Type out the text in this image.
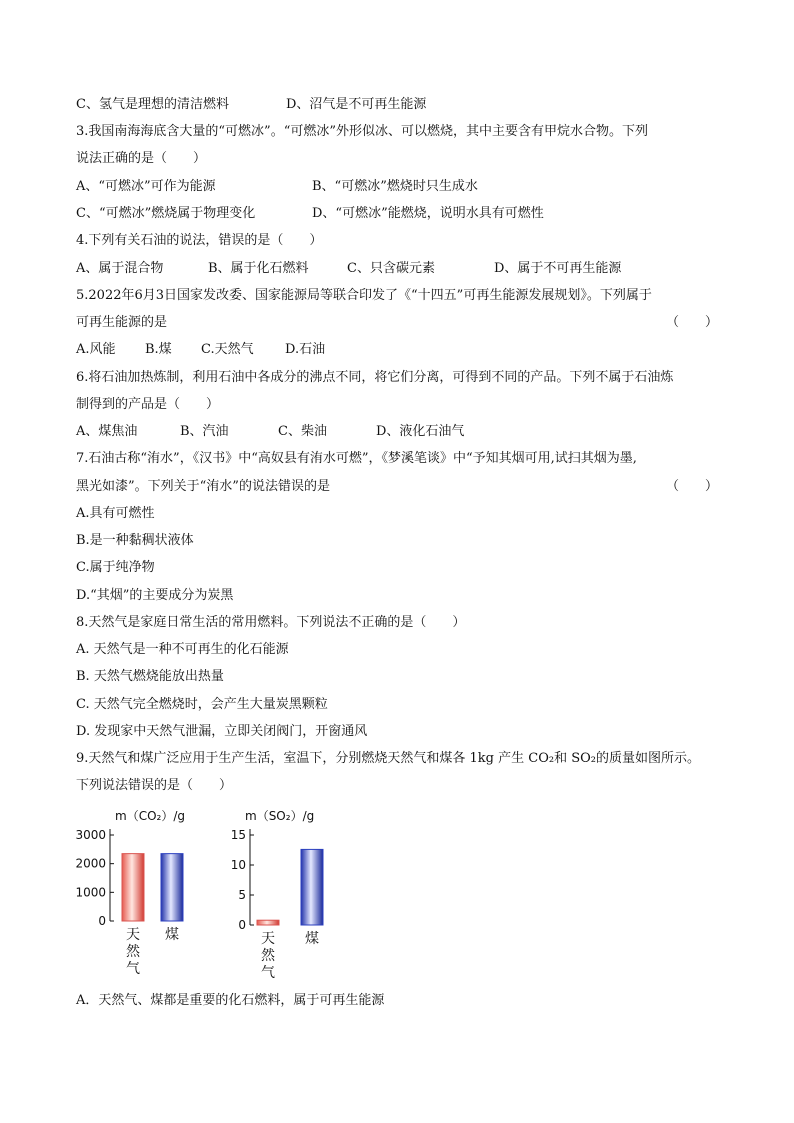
C、氢气是理想的清洁燃料	D、沼气是不可再生能源
3.我国南海海底含大量的“可燃冰”。“可燃冰”外形似冰、可以燃烧，其中主要含有甲烷水合物。下列
说法正确的是（　　）
A、“可燃冰”可作为能源	B、“可燃冰”燃烧时只生成水
C、“可燃冰”燃烧属于物理变化	D、“可燃冰”能燃烧，说明水具有可燃性
4.下列有关石油的说法，错误的是（　　）
A、属于混合物	B、属于化石燃料	C、只含碳元素	D、属于不可再生能源
5.2022年6月3日国家发改委、国家能源局等联合印发了《“十四五”可再生能源发展规划》。下列属于
可再生能源的是	（　　）
A.风能 B.煤 C.天然气 D.石油
6.将石油加热炼制，利用石油中各成分的沸点不同，将它们分离，可得到不同的产品。下列不属于石油炼
制得到的产品是（　　）
A、煤焦油	B、汽油	C、柴油	D、液化石油气
7.石油古称“洧水”，《汉书》中“高奴县有洧水可燃”，《梦溪笔谈》中“予知其烟可用,试扫其烟为墨,
黑光如漆”。下列关于“洧水”的说法错误的是	（　　）
A.具有可燃性
B.是一种黏稠状液体
C.属于纯净物
D.“其烟”的主要成分为炭黑
8.天然气是家庭日常生活的常用燃料。下列说法不正确的是（　　）
A. 天然气是一种不可再生的化石能源
B. 天然气燃烧能放出热量
C. 天然气完全燃烧时，会产生大量炭黑颗粒
D. 发现家中天然气泄漏，立即关闭阀门，开窗通风
9.天然气和煤广泛应用于生产生活，室温下，分别燃烧天然气和煤各 1kg 产生 CO₂和 SO₂的质量如图所示。
下列说法错误的是（　　）
m（CO₂）/g
3000
2000
1000
0
天
然
气
煤
m（SO₂）/g
15
10
5
0
天
然
气
煤
A．天然气、煤都是重要的化石燃料，属于可再生能源
